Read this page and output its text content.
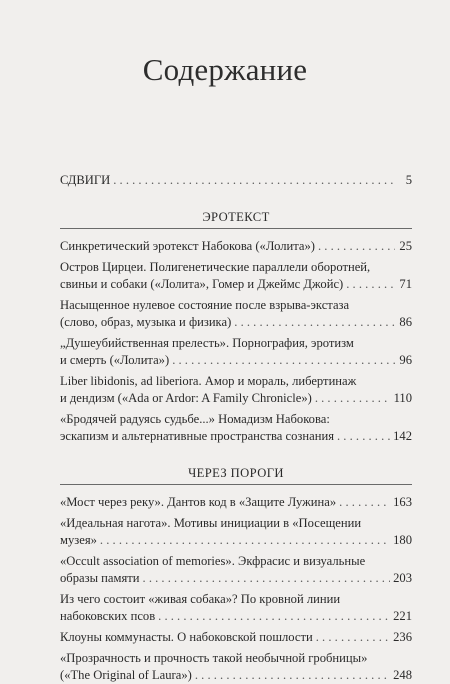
Содержание
СДВИГИ . . .	5
ЭРОТЕКСТ
Синкретический эротекст Набокова («Лолита») . . .	25
Остров Цирцеи. Полигенетические параллели оборотней,
свиньи и собаки («Лолита», Гомер и Джеймс Джойс) . . .	71
Насыщенное нулевое состояние после взрыва-экстаза
(слово, образ, музыка и физика) . . .	86
„Душеубийственная прелесть». Порнография, эротизм
и смерть («Лолита») . . .	96
Liber libidonis, ad liberiora. Амор и мораль, либертинаж
и дендизм («Ada or Ardor: A Family Chronicle») . . .	110
«Бродячей радуясь судьбе...» Номадизм Набокова:
эскапизм и альтернативные пространства сознания . . .	142
ЧЕРЕЗ ПОРОГИ
«Мост через реку». Дантов код в «Защите Лужина» . . .	163
«Идеальная нагота». Мотивы инициации в «Посещении
музея» . . .	180
«Occult association of memories». Экфрасис и визуальные
образы памяти . . .	203
Из чего состоит «живая собака»? По кровной линии
набоковских псов . . .	221
Клоуны коммунасты. О набоковской пошлости . . .	236
«Прозрачность и прочность такой необычной гробницы»
(«The Original of Laura») . . .	248
